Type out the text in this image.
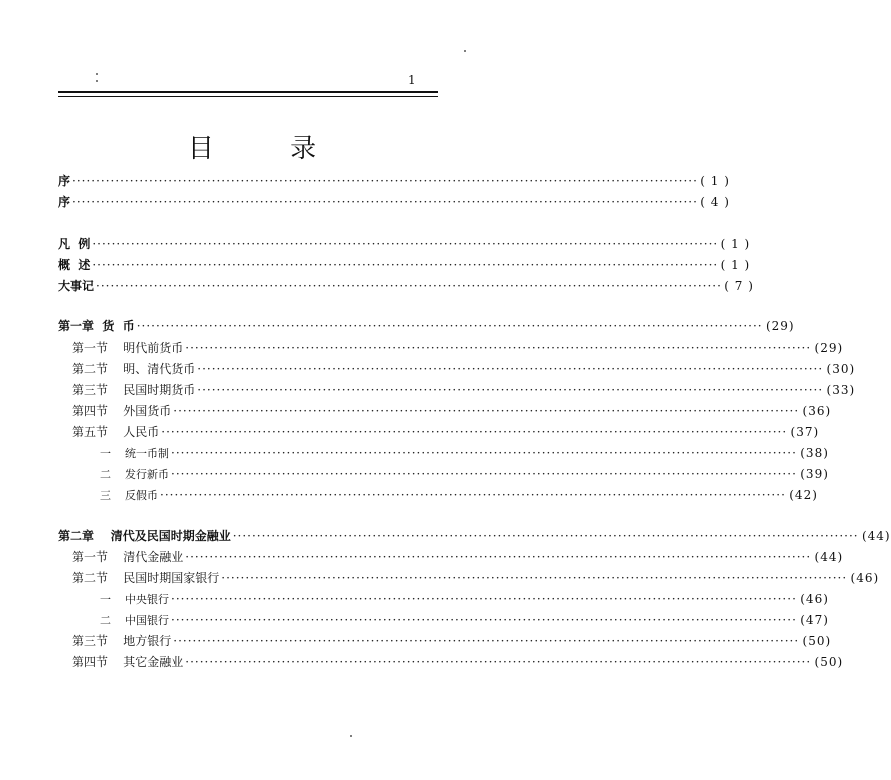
1
目 录
序 ·································································································································· ( 1 )
序 ·································································································································· ( 4 )
凡  例 ·································································································································· ( 1 )
概  述 ·································································································································· ( 1 )
大事记 ·································································································································· ( 7 )
第一章  货  币 ·································································································································· (29)
第一节    明代前货币 ·································································································································· (29)
第二节    明、清代货币 ·································································································································· (30)
第三节    民国时期货币 ·································································································································· (33)
第四节    外国货币 ·································································································································· (36)
第五节    人民币 ·································································································································· (37)
一    统一币制 ·································································································································· (38)
二    发行新币 ·································································································································· (39)
三    反假币 ·································································································································· (42)
第二章    清代及民国时期金融业 ·································································································································· (44)
第一节    清代金融业 ·································································································································· (44)
第二节    民国时期国家银行 ·································································································································· (46)
一    中央银行 ·································································································································· (46)
二    中国银行 ·································································································································· (47)
第三节    地方银行 ·································································································································· (50)
第四节    其它金融业 ·································································································································· (50)
